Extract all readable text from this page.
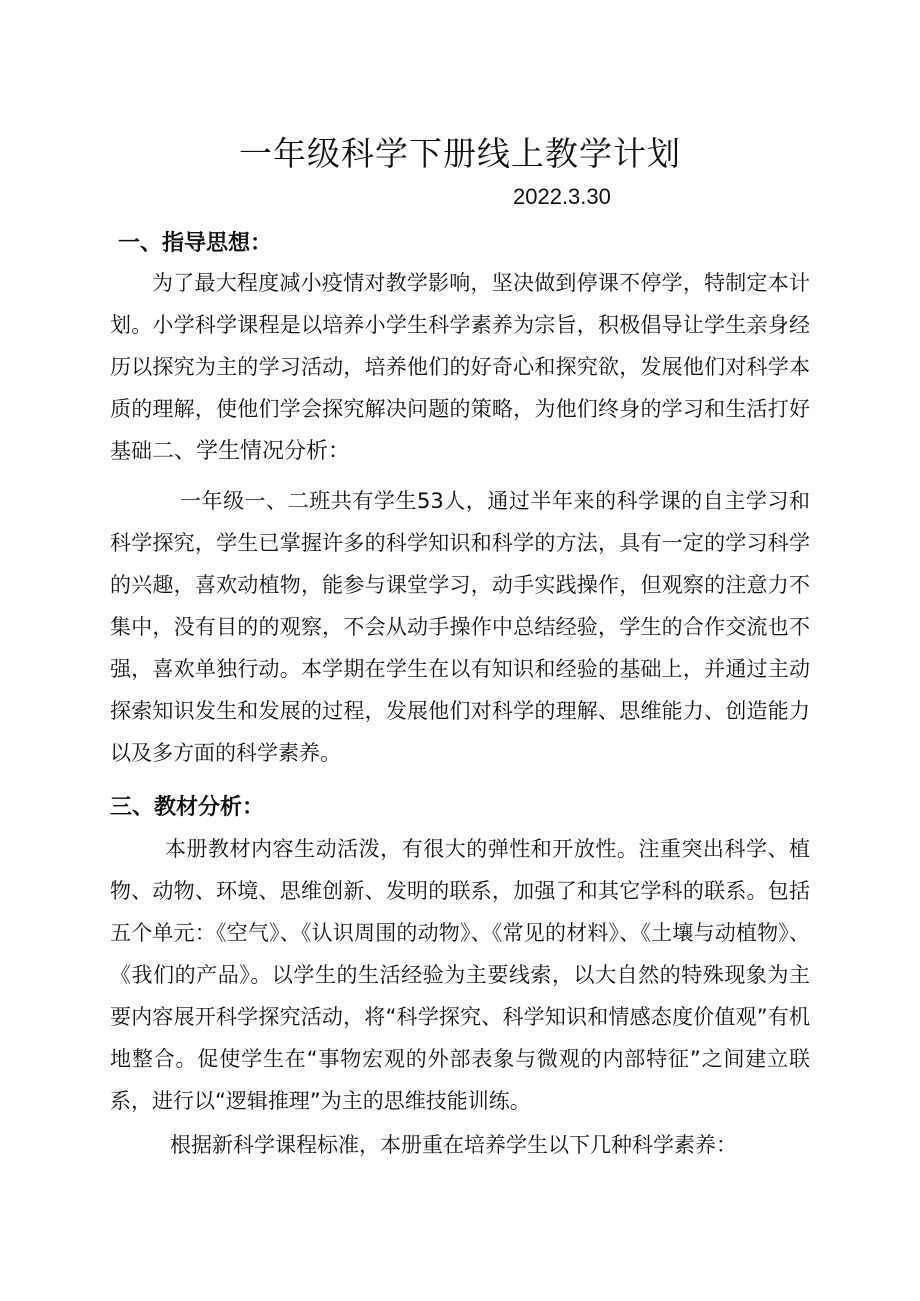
一年级科学下册线上教学计划

2022.3.30

一、指导思想：

为了最大程度减小疫情对教学影响，坚决做到停课不停学，特制定本计划。小学科学课程是以培养小学生科学素养为宗旨，积极倡导让学生亲身经历以探究为主的学习活动，培养他们的好奇心和探究欲，发展他们对科学本质的理解，使他们学会探究解决问题的策略，为他们终身的学习和生活打好基础二、学生情况分析：

一年级一、二班共有学生53人，通过半年来的科学课的自主学习和科学探究，学生已掌握许多的科学知识和科学的方法，具有一定的学习科学的兴趣，喜欢动植物，能参与课堂学习，动手实践操作，但观察的注意力不集中，没有目的的观察，不会从动手操作中总结经验，学生的合作交流也不强，喜欢单独行动。本学期在学生在以有知识和经验的基础上，并通过主动探索知识发生和发展的过程，发展他们对科学的理解、思维能力、创造能力以及多方面的科学素养。

三、教材分析：

本册教材内容生动活泼，有很大的弹性和开放性。注重突出科学、植物、动物、环境、思维创新、发明的联系，加强了和其它学科的联系。包括五个单元：《空气》、《认识周围的动物》、《常见的材料》、《土壤与动植物》、《我们的产品》。以学生的生活经验为主要线索，以大自然的特殊现象为主要内容展开科学探究活动，将“科学探究、科学知识和情感态度价值观”有机地整合。促使学生在“事物宏观的外部表象与微观的内部特征”之间建立联系，进行以“逻辑推理”为主的思维技能训练。

根据新科学课程标准，本册重在培养学生以下几种科学素养：
